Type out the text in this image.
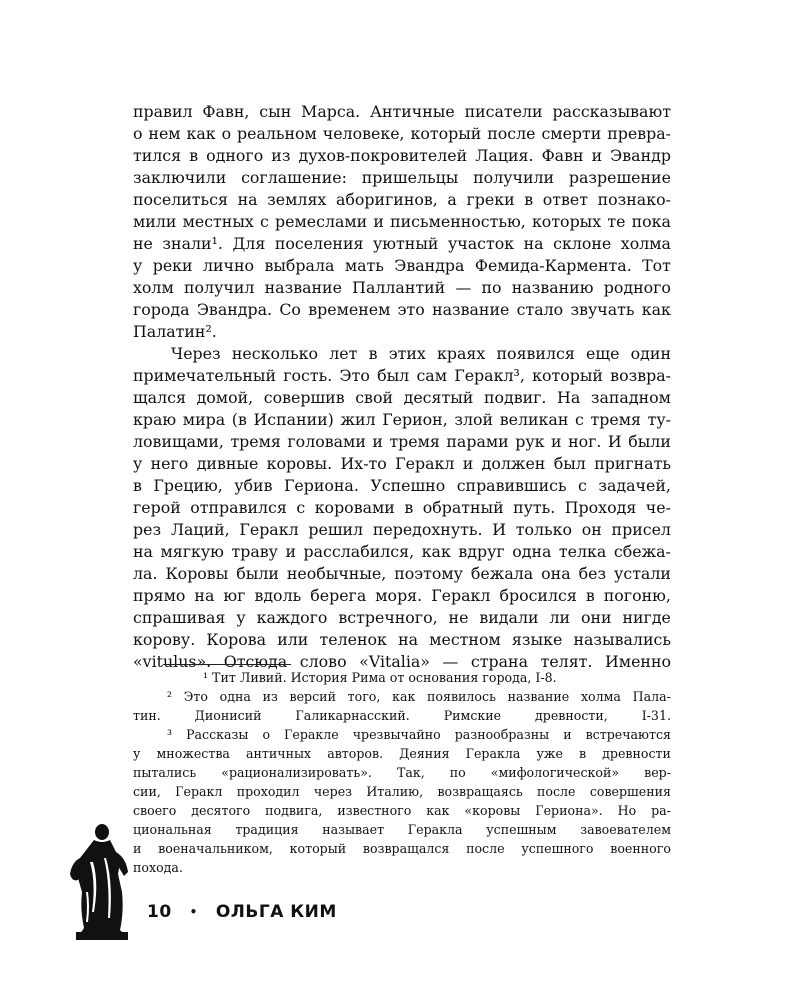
правил Фавн, сын Марса. Античные писатели рассказывают
о нем как о реальном человеке, который после смерти превра-
тился в одного из духов-покровителей Лация. Фавн и Эвандр
заключили соглашение: пришельцы получили разрешение
поселиться на землях аборигинов, а греки в ответ познако-
мили местных с ремеслами и письменностью, которых те пока
не знали¹. Для поселения уютный участок на склоне холма
у реки лично выбрала мать Эвандра Фемида-Кармента. Тот
холм получил название Паллантий — по названию родного
города Эвандра. Со временем это название стало звучать как
Палатин².
Через несколько лет в этих краях появился еще один
примечательный гость. Это был сам Геракл³, который возвра-
щался домой, совершив свой десятый подвиг. На западном
краю мира (в Испании) жил Герион, злой великан с тремя ту-
ловищами, тремя головами и тремя парами рук и ног. И были
у него дивные коровы. Их-то Геракл и должен был пригнать
в Грецию, убив Гериона. Успешно справившись с задачей,
герой отправился с коровами в обратный путь. Проходя че-
рез Лаций, Геракл решил передохнуть. И только он присел
на мягкую траву и расслабился, как вдруг одна телка сбежа-
ла. Коровы были необычные, поэтому бежала она без устали
прямо на юг вдоль берега моря. Геракл бросился в погоню,
спрашивая у каждого встречного, не видали ли они нигде
корову. Корова или теленок на местном языке назывались
«vitulus». Отсюда слово «Vitalia» — страна телят. Именно
¹ Тит Ливий. История Рима от основания города, I-8.
² Это одна из версий того, как появилось название холма Пала-
тин.	Дионисий	Галикарнасский.	Римские	древности,	I-31.
³ Рассказы о Геракле чрезвычайно разнообразны и встречаются
у множества античных авторов. Деяния Геракла уже в древности
пытались «рационализировать». Так, по «мифологической» вер-
сии, Геракл проходил через Италию, возвращаясь после совершения
своего десятого подвига, известного как «коровы Гериона». Но ра-
циональная традиция называет Геракла успешным завоевателем
и военачальником, который возвращался после успешного военного
похода.
10 • ОЛЬГА КИМ
